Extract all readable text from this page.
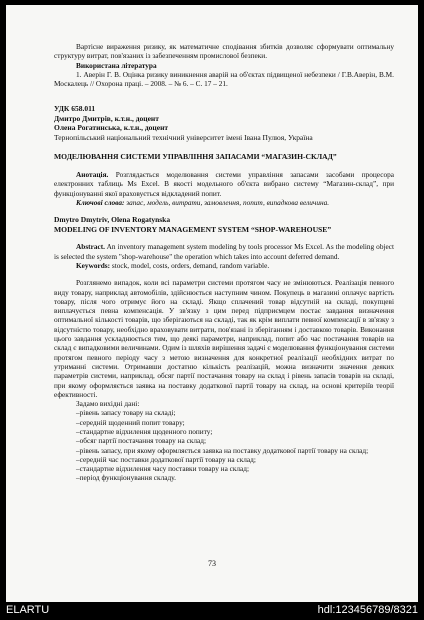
Вартісне вираження ризику, як математичне сподівання збитків дозволяє сформувати оптимальну структуру витрат, пов'язаних із забезпеченням промислової безпеки.

Використана література

1. Аверін Г. В. Оцінка ризику виникнення аварій на об'єктах підвищеної небезпеки / Г.В.Аверін, В.М. Москалець // Охорона праці. – 2008. – № 6. – С. 17 – 21.

УДК 658.011

Дмитро Дмитрів, к.т.н., доцент

Олена Рогатинська, к.т.н., доцент

Тернопільський національний технічний університет імені Івана Пулюя, Україна

МОДЕЛЮВАННЯ СИСТЕМИ УПРАВЛІННЯ ЗАПАСАМИ “МАГАЗИН-СКЛАД”

Анотація. Розглядається моделювання системи управління запасами засобами процесора електронних таблиць Ms Excel. В якості модельного об'єкта вибрано систему “Магазин-склад”, при функціонуванні якої враховується відкладений попит.

Ключові слова: запас, модель, витрати, замовлення, попит, випадкова величина.

Dmytro Dmytriv, Olena Rogatynska

MODELING OF INVENTORY MANAGEMENT SYSTEM “SHOP-WAREHOUSE”

Abstract. An inventory management system modeling by tools processor Ms Excel. As the modeling object is selected the system "shop-warehouse" the operation which takes into account deferred demand.

Keywords: stock, model, costs, orders, demand, random variable.

Розглянемо випадок, коли всі параметри системи протягом часу не змінюються. Реалізація певного виду товару, наприклад автомобілів, здійснюється наступним чином. Покупець в магазині оплачує вартість товару, після чого отримує його на складі. Якщо сплачений товар відсутній на складі, покупцеві виплачується певна компенсація. У зв'язку з цим перед підприємцем постає завдання визначення оптимальної кількості товарів, що зберігаються на складі, так як крім виплати певної компенсації в зв'язку з відсутністю товару, необхідно враховувати витрати, пов'язані із зберіганням і доставкою товарів. Виконання цього завдання ускладнюється тим, що деякі параметри, наприклад, попит або час постачання товарів на склад є випадковими величинами. Одим із шляхів вирішення задачі є моделювання функціонування системи протягом певного періоду часу з метою визначення для конкретної реалізації необхідних витрат по утриманні системи. Отримавши достатню кількість реалізацій, можна визначити значення деяких параметрів системи, наприклад, обсяг партії постачання товару на склад і рівень запасів товарів на складі, при якому оформляється заявка на поставку додаткової партії товару на склад, на основі критеріїв теорії ефективності.

Задамо вихідні дані:

–рівень запасу товару на складі;
–середній щоденний попит товару;
–стандартне відхилення щоденного попиту;
–обсяг партії постачання товару на склад;
–рівень запасу, при якому оформляється заявка на поставку додаткової партії товару на склад;
–середній час поставки додаткової партії товару на склад;
–стандартне відхилення часу поставки товару на склад;
–період функціонування складу.
73
ELARTU	hdl:123456789/8321
